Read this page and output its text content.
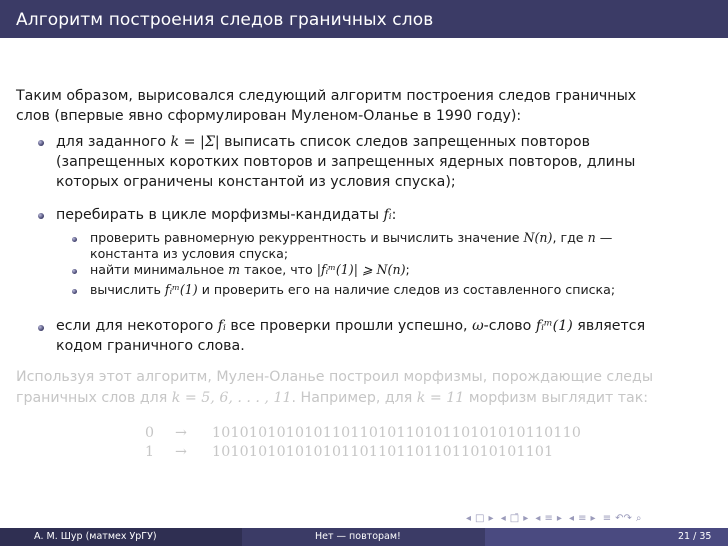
Алгоритм построения следов граничных слов
Таким образом, вырисовался следующий алгоритм построения следов граничных
слов (впервые явно сформулирован Муленом-Оланье в 1990 году):
для заданного k = |Σ| выписать список следов запрещенных повторов
(запрещенных коротких повторов и запрещенных ядерных повторов, длины
которых ограничены константой из условия спуска);
перебирать в цикле морфизмы-кандидаты fᵢ:
проверить равномерную рекуррентность и вычислить значение N(n), где n —
константа из условия спуска;
найти минимальное m такое, что |fᵢᵐ(1)| ⩾ N(n);
вычислить fᵢᵐ(1) и проверить его на наличие следов из составленного списка;
если для некоторого fᵢ все проверки прошли успешно, ω-слово fᵢᵐ(1) является
кодом граничного слова.
Используя этот алгоритм, Мулен-Оланье построил морфизмы, порождающие следы
граничных слов для k = 5, 6, . . . , 11. Например, для k = 11 морфизм выглядит так:
0 → 1010101010101101101011010110101010110110
1 → 1010101010101011011011011011010101101
◂ □ ▸ ◂ □̄ ▸ ◂ ≡ ▸ ◂ ≡ ▸ ≡ ↶↷ ⌕
А. М. Шур (матмех УрГУ)	Нет — повторам!	21 / 35
